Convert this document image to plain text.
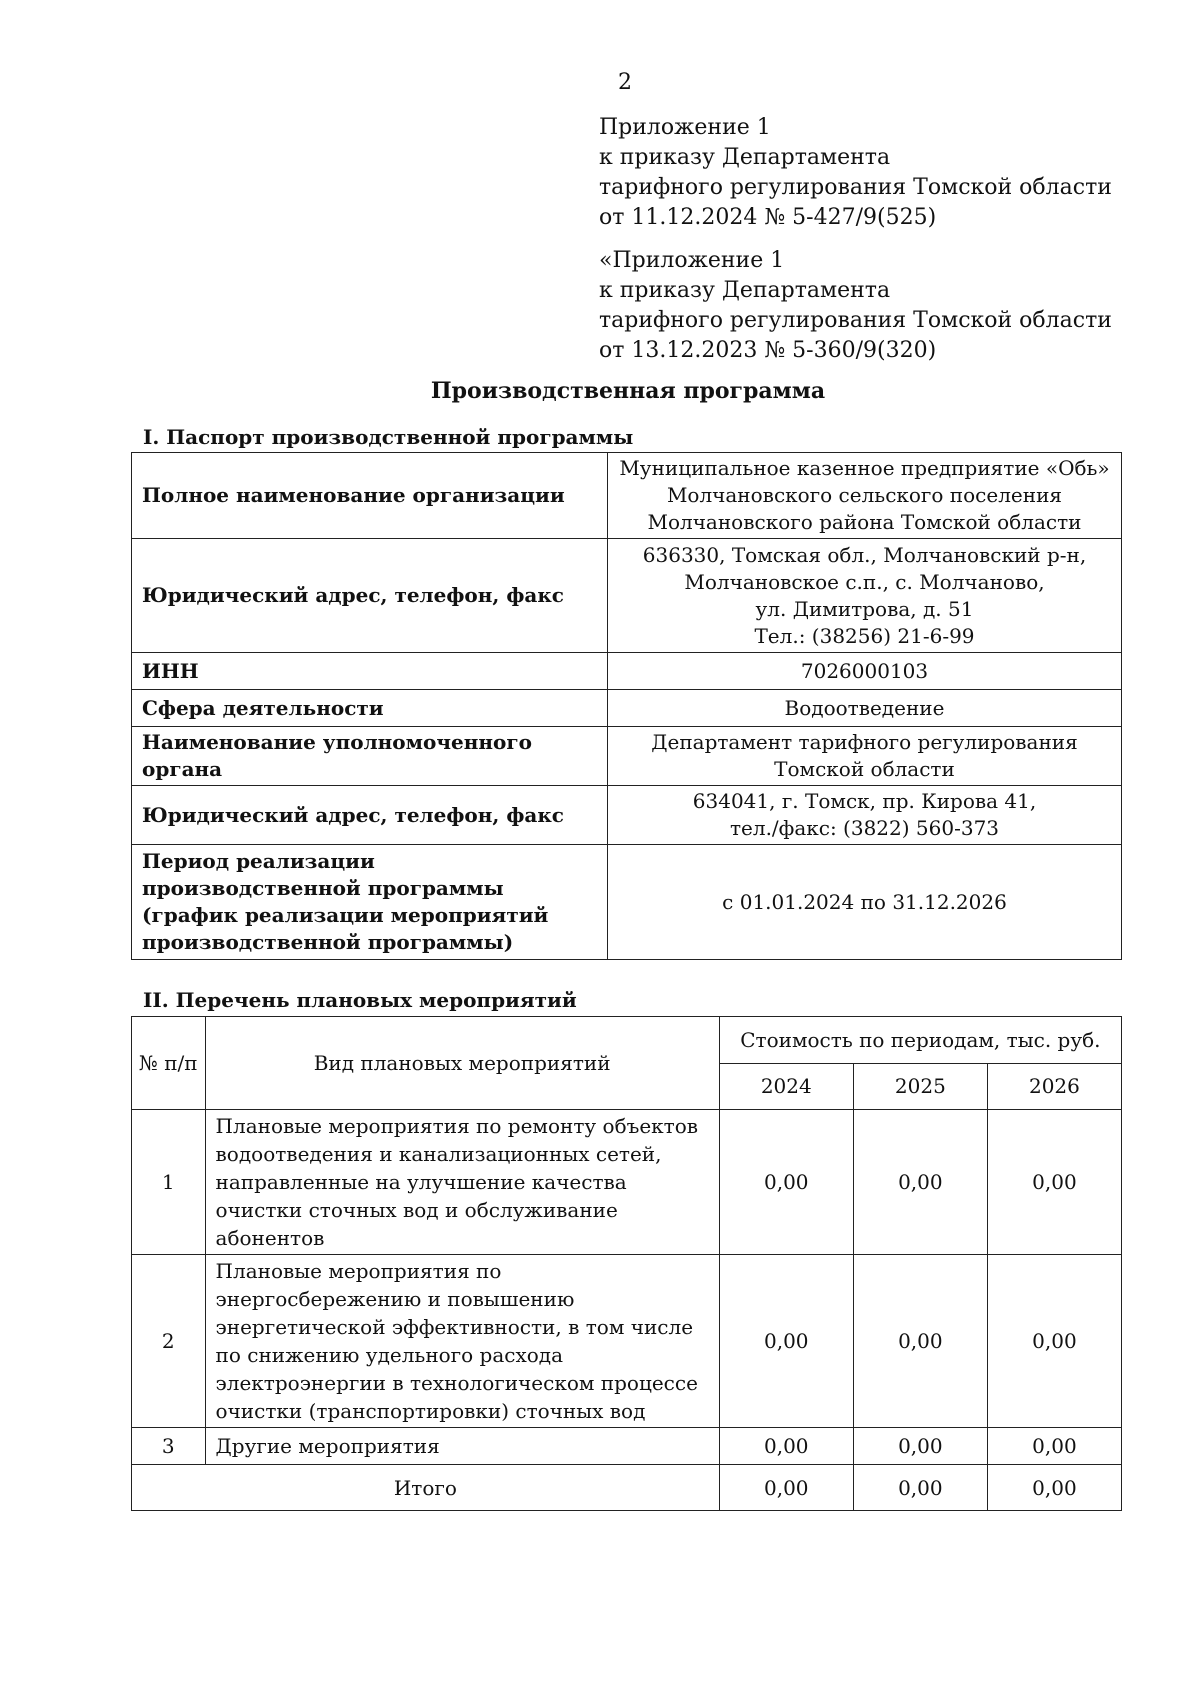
2
Приложение 1
к приказу Департамента
тарифного регулирования Томской области
от 11.12.2024 № 5-427/9(525)
«Приложение 1
к приказу Департамента
тарифного регулирования Томской области
от 13.12.2023 № 5-360/9(320)
Производственная программа
I. Паспорт производственной программы
Полное наименование организации	Муниципальное казенное предприятие «Обь»
Молчановского сельского поселения
Молчановского района Томской области

Юридический адрес, телефон, факс	636330, Томская обл., Молчановский р-н,
Молчановское с.п., с. Молчаново,
ул. Димитрова, д. 51
Тел.: (38256) 21-6-99

ИНН	7026000103

Сфера деятельности	Водоотведение

Наименование уполномоченного органа	Департамент тарифного регулирования
Томской области

Юридический адрес, телефон, факс	634041, г. Томск, пр. Кирова 41,
тел./факс: (3822) 560-373

Период реализации производственной программы (график реализации мероприятий производственной программы)	с 01.01.2024 по 31.12.2026
II. Перечень плановых мероприятий
№ п/п	Вид плановых мероприятий	Стоимость по периодам, тыс. руб.		
		2024	2025	2026
1	Плановые мероприятия по ремонту объектов водоотведения и канализационных сетей, направленные на улучшение качества очистки сточных вод и обслуживание абонентов	0,00	0,00	0,00
2	Плановые мероприятия по энергосбережению и повышению энергетической эффективности, в том числе по снижению удельного расхода электроэнергии в технологическом процессе очистки (транспортировки) сточных вод	0,00	0,00	0,00
3	Другие мероприятия	0,00	0,00	0,00
Итого		0,00	0,00	0,00
